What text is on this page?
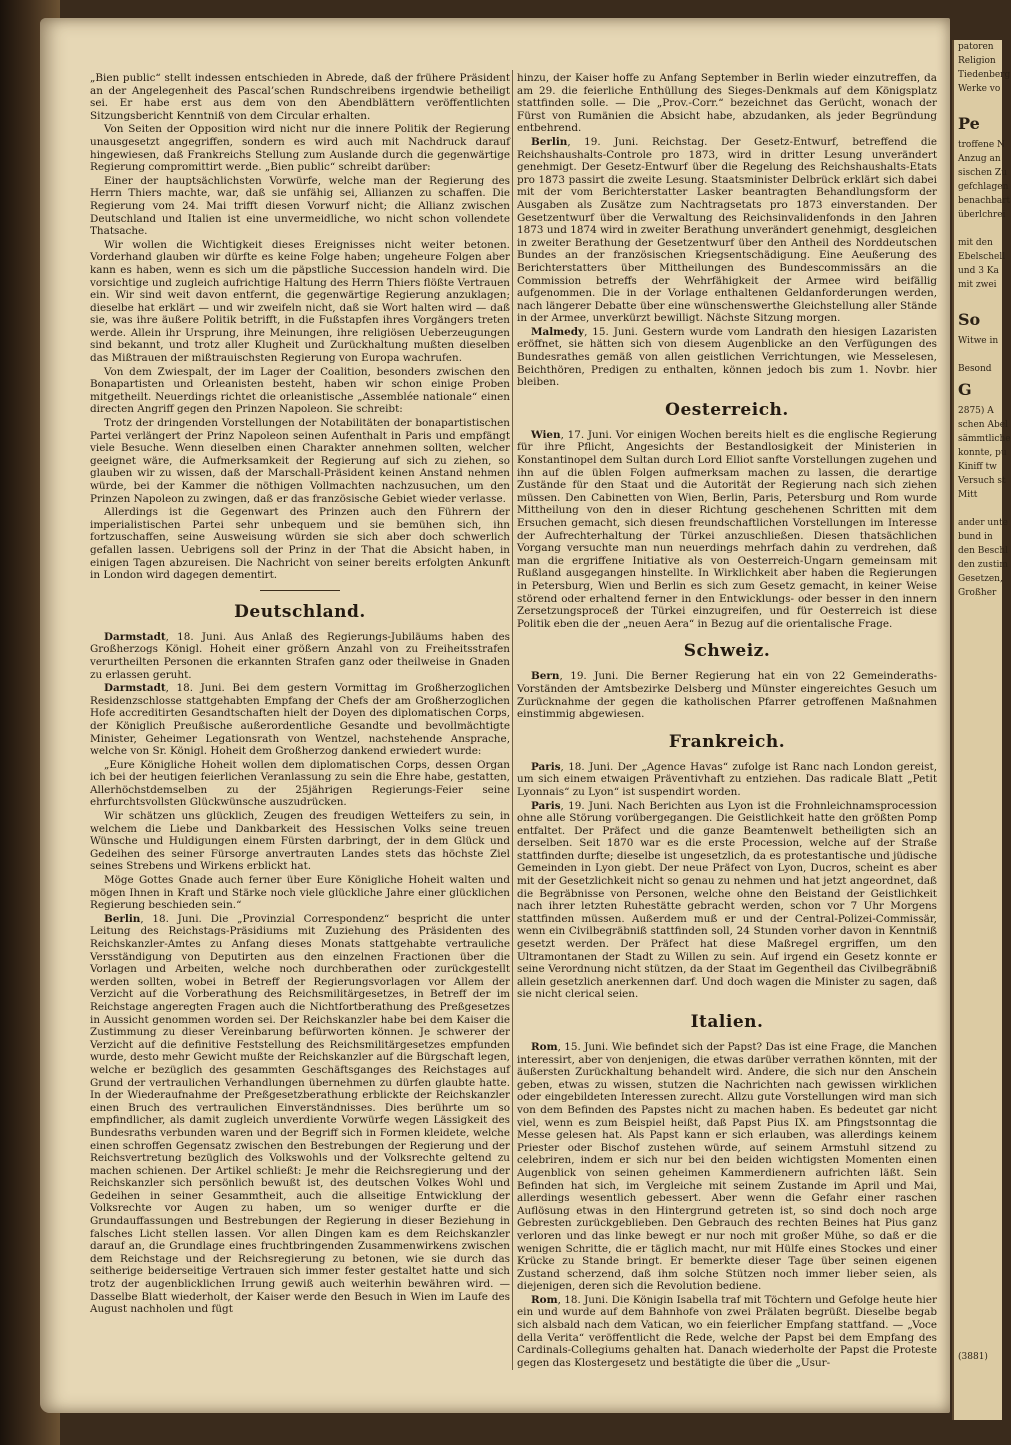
„Bien public“ stellt indessen entschieden in Abrede, daß der frühere Präsident an der Angelegenheit des Pascal’schen Rundschreibens irgendwie betheiligt sei. Er habe erst aus dem von den Abendblättern veröffentlichten Sitzungsbericht Kenntniß von dem Circular erhalten.

Von Seiten der Opposition wird nicht nur die innere Politik der Regierung unausgesetzt angegriffen, sondern es wird auch mit Nachdruck darauf hingewiesen, daß Frankreichs Stellung zum Auslande durch die gegenwärtige Regierung compromittirt werde. „Bien public“ schreibt darüber:

Einer der hauptsächlichsten Vorwürfe, welche man der Regierung des Herrn Thiers machte, war, daß sie unfähig sei, Allianzen zu schaffen. Die Regierung vom 24. Mai trifft diesen Vorwurf nicht; die Allianz zwischen Deutschland und Italien ist eine unvermeidliche, wo nicht schon vollendete Thatsache.

Wir wollen die Wichtigkeit dieses Ereignisses nicht weiter betonen. Vorderhand glauben wir dürfte es keine Folge haben; ungeheure Folgen aber kann es haben, wenn es sich um die päpstliche Succession handeln wird. Die vorsichtige und zugleich aufrichtige Haltung des Herrn Thiers flößte Vertrauen ein. Wir sind weit davon entfernt, die gegenwärtige Regierung anzuklagen; dieselbe hat erklärt — und wir zweifeln nicht, daß sie Wort halten wird — daß sie, was ihre äußere Politik betrifft, in die Fußstapfen ihres Vorgängers treten werde. Allein ihr Ursprung, ihre Meinungen, ihre religiösen Ueberzeugungen sind bekannt, und trotz aller Klugheit und Zurückhaltung mußten dieselben das Mißtrauen der mißtrauischsten Regierung von Europa wachrufen.

Von dem Zwiespalt, der im Lager der Coalition, besonders zwischen den Bonapartisten und Orleanisten besteht, haben wir schon einige Proben mitgetheilt. Neuerdings richtet die orleanistische „Assemblée nationale“ einen directen Angriff gegen den Prinzen Napoleon. Sie schreibt:

Trotz der dringenden Vorstellungen der Notabilitäten der bonapartistischen Partei verlängert der Prinz Napoleon seinen Aufenthalt in Paris und empfängt viele Besuche. Wenn dieselben einen Charakter annehmen sollten, welcher geeignet wäre, die Aufmerksamkeit der Regierung auf sich zu ziehen, so glauben wir zu wissen, daß der Marschall-Präsident keinen Anstand nehmen würde, bei der Kammer die nöthigen Vollmachten nachzusuchen, um den Prinzen Napoleon zu zwingen, daß er das französische Gebiet wieder verlasse.

Allerdings ist die Gegenwart des Prinzen auch den Führern der imperialistischen Partei sehr unbequem und sie bemühen sich, ihn fortzuschaffen, seine Ausweisung würden sie sich aber doch schwerlich gefallen lassen. Uebrigens soll der Prinz in der That die Absicht haben, in einigen Tagen abzureisen. Die Nachricht von seiner bereits erfolgten Ankunft in London wird dagegen dementirt.

Deutschland.

Darmstadt, 18. Juni. Aus Anlaß des Regierungs-Jubiläums haben des Großherzogs Königl. Hoheit einer größern Anzahl von zu Freiheitsstrafen verurtheilten Personen die erkannten Strafen ganz oder theilweise in Gnaden zu erlassen geruht.

Darmstadt, 18. Juni. Bei dem gestern Vormittag im Großherzoglichen Residenzschlosse stattgehabten Empfang der Chefs der am Großherzoglichen Hofe accreditirten Gesandtschaften hielt der Doyen des diplomatischen Corps, der Königlich Preußische außerordentliche Gesandte und bevollmächtigte Minister, Geheimer Legationsrath von Wentzel, nachstehende Ansprache, welche von Sr. Königl. Hoheit dem Großherzog dankend erwiedert wurde:

„Eure Königliche Hoheit wollen dem diplomatischen Corps, dessen Organ ich bei der heutigen feierlichen Veranlassung zu sein die Ehre habe, gestatten, Allerhöchstdemselben zu der 25jährigen Regierungs-Feier seine ehrfurchtsvollsten Glückwünsche auszudrücken.

Wir schätzen uns glücklich, Zeugen des freudigen Wetteifers zu sein, in welchem die Liebe und Dankbarkeit des Hessischen Volks seine treuen Wünsche und Huldigungen einem Fürsten darbringt, der in dem Glück und Gedeihen des seiner Fürsorge anvertrauten Landes stets das höchste Ziel seines Strebens und Wirkens erblickt hat.

Möge Gottes Gnade auch ferner über Eure Königliche Hoheit walten und mögen Ihnen in Kraft und Stärke noch viele glückliche Jahre einer glücklichen Regierung beschieden sein.“

Berlin, 18. Juni. Die „Provinzial Correspondenz“ bespricht die unter Leitung des Reichstags-Präsidiums mit Zuziehung des Präsidenten des Reichskanzler-Amtes zu Anfang dieses Monats stattgehabte vertrauliche Versständigung von Deputirten aus den einzelnen Fractionen über die Vorlagen und Arbeiten, welche noch durchberathen oder zurückgestellt werden sollten, wobei in Betreff der Regierungsvorlagen vor Allem der Verzicht auf die Vorberathung des Reichsmilitärgesetzes, in Betreff der im Reichstage angeregten Fragen auch die Nichtfortberathung des Preßgesetzes in Aussicht genommen worden sei. Der Reichskanzler habe bei dem Kaiser die Zustimmung zu dieser Vereinbarung befürworten können. Je schwerer der Verzicht auf die definitive Feststellung des Reichsmilitärgesetzes empfunden wurde, desto mehr Gewicht mußte der Reichskanzler auf die Bürgschaft legen, welche er bezüglich des gesammten Geschäftsganges des Reichstages auf Grund der vertraulichen Verhandlungen übernehmen zu dürfen glaubte hatte. In der Wiederaufnahme der Preßgesetzberathung erblickte der Reichskanzler einen Bruch des vertraulichen Einverständnisses. Dies berührte um so empfindlicher, als damit zugleich unverdiente Vorwürfe wegen Lässigkeit des Bundesraths verbunden waren und der Begriff sich in Formen kleidete, welche einen schroffen Gegensatz zwischen den Bestrebungen der Regierung und der Reichsvertretung bezüglich des Volkswohls und der Volksrechte geltend zu machen schienen. Der Artikel schließt: Je mehr die Reichsregierung und der Reichskanzler sich persönlich bewußt ist, des deutschen Volkes Wohl und Gedeihen in seiner Gesammtheit, auch die allseitige Entwicklung der Volksrechte vor Augen zu haben, um so weniger durfte er die Grundauffassungen und Bestrebungen der Regierung in dieser Beziehung in falsches Licht stellen lassen. Vor allen Dingen kam es dem Reichskanzler darauf an, die Grundlage eines fruchtbringenden Zusammenwirkens zwischen dem Reichstage und der Reichsregierung zu betonen, wie sie durch das seitherige beiderseitige Vertrauen sich immer fester gestaltet hatte und sich trotz der augenblicklichen Irrung gewiß auch weiterhin bewähren wird. — Dasselbe Blatt wiederholt, der Kaiser werde den Besuch in Wien im Laufe des August nachholen und fügt

hinzu, der Kaiser hoffe zu Anfang September in Berlin wieder einzutreffen, da am 29. die feierliche Enthüllung des Sieges-Denkmals auf dem Königsplatz stattfinden solle. — Die „Prov.-Corr.“ bezeichnet das Gerücht, wonach der Fürst von Rumänien die Absicht habe, abzudanken, als jeder Begründung entbehrend.

Berlin, 19. Juni. Reichstag. Der Gesetz-Entwurf, betreffend die Reichshaushalts-Controle pro 1873, wird in dritter Lesung unverändert genehmigt. Der Gesetz-Entwurf über die Regelung des Reichshaushalts-Etats pro 1873 passirt die zweite Lesung. Staatsminister Delbrück erklärt sich dabei mit der vom Berichterstatter Lasker beantragten Behandlungsform der Ausgaben als Zusätze zum Nachtragsetats pro 1873 einverstanden. Der Gesetzentwurf über die Verwaltung des Reichsinvalidenfonds in den Jahren 1873 und 1874 wird in zweiter Berathung unverändert genehmigt, desgleichen in zweiter Berathung der Gesetzentwurf über den Antheil des Norddeutschen Bundes an der französischen Kriegsentschädigung. Eine Aeußerung des Berichterstatters über Mittheilungen des Bundescommissärs an die Commission betreffs der Wehrfähigkeit der Armee wird beifällig aufgenommen. Die in der Vorlage enthaltenen Geldanforderungen werden, nach längerer Debatte über eine wünschenswerthe Gleichstellung aller Stände in der Armee, unverkürzt bewilligt. Nächste Sitzung morgen.

Malmedy, 15. Juni. Gestern wurde vom Landrath den hiesigen Lazaristen eröffnet, sie hätten sich von diesem Augenblicke an den Verfügungen des Bundesrathes gemäß von allen geistlichen Verrichtungen, wie Messelesen, Beichthören, Predigen zu enthalten, können jedoch bis zum 1. Novbr. hier bleiben.

Oesterreich.

Wien, 17. Juni. Vor einigen Wochen bereits hielt es die englische Regierung für ihre Pflicht, Angesichts der Bestandlosigkeit der Ministerien in Konstantinopel dem Sultan durch Lord Elliot sanfte Vorstellungen zugehen und ihn auf die üblen Folgen aufmerksam machen zu lassen, die derartige Zustände für den Staat und die Autorität der Regierung nach sich ziehen müssen. Den Cabinetten von Wien, Berlin, Paris, Petersburg und Rom wurde Mittheilung von den in dieser Richtung geschehenen Schritten mit dem Ersuchen gemacht, sich diesen freundschaftlichen Vorstellungen im Interesse der Aufrechterhaltung der Türkei anzuschließen. Diesen thatsächlichen Vorgang versuchte man nun neuerdings mehrfach dahin zu verdrehen, daß man die ergriffene Initiative als von Oesterreich-Ungarn gemeinsam mit Rußland ausgegangen hinstellte. In Wirklichkeit aber haben die Regierungen in Petersburg, Wien und Berlin es sich zum Gesetz gemacht, in keiner Weise störend oder erhaltend ferner in den Entwicklungs- oder besser in den innern Zersetzungsproceß der Türkei einzugreifen, und für Oesterreich ist diese Politik eben die der „neuen Aera“ in Bezug auf die orientalische Frage.

Schweiz.

Bern, 19. Juni. Die Berner Regierung hat ein von 22 Gemeinderaths-Vorständen der Amtsbezirke Delsberg und Münster eingereichtes Gesuch um Zurücknahme der gegen die katholischen Pfarrer getroffenen Maßnahmen einstimmig abgewiesen.

Frankreich.

Paris, 18. Juni. Der „Agence Havas“ zufolge ist Ranc nach London gereist, um sich einem etwaigen Präventivhaft zu entziehen. Das radicale Blatt „Petit Lyonnais“ zu Lyon“ ist suspendirt worden.

Paris, 19. Juni. Nach Berichten aus Lyon ist die Frohnleichnamsprocession ohne alle Störung vorübergegangen. Die Geistlichkeit hatte den größten Pomp entfaltet. Der Präfect und die ganze Beamtenwelt betheiligten sich an derselben. Seit 1870 war es die erste Procession, welche auf der Straße stattfinden durfte; dieselbe ist ungesetzlich, da es protestantische und jüdische Gemeinden in Lyon giebt. Der neue Präfect von Lyon, Ducros, scheint es aber mit der Gesetzlichkeit nicht so genau zu nehmen und hat jetzt angeordnet, daß die Begräbnisse von Personen, welche ohne den Beistand der Geistlichkeit nach ihrer letzten Ruhestätte gebracht werden, schon vor 7 Uhr Morgens stattfinden müssen. Außerdem muß er und der Central-Polizei-Commissär, wenn ein Civilbegräbniß stattfinden soll, 24 Stunden vorher davon in Kenntniß gesetzt werden. Der Präfect hat diese Maßregel ergriffen, um den Ultramontanen der Stadt zu Willen zu sein. Auf irgend ein Gesetz konnte er seine Verordnung nicht stützen, da der Staat im Gegentheil das Civilbegräbniß allein gesetzlich anerkennen darf. Und doch wagen die Minister zu sagen, daß sie nicht clerical seien.

Italien.

Rom, 15. Juni. Wie befindet sich der Papst? Das ist eine Frage, die Manchen interessirt, aber von denjenigen, die etwas darüber verrathen könnten, mit der äußersten Zurückhaltung behandelt wird. Andere, die sich nur den Anschein geben, etwas zu wissen, stutzen die Nachrichten nach gewissen wirklichen oder eingebildeten Interessen zurecht. Allzu gute Vorstellungen wird man sich von dem Befinden des Papstes nicht zu machen haben. Es bedeutet gar nicht viel, wenn es zum Beispiel heißt, daß Papst Pius IX. am Pfingstsonntag die Messe gelesen hat. Als Papst kann er sich erlauben, was allerdings keinem Priester oder Bischof zustehen würde, auf seinem Armstuhl sitzend zu celebriren, indem er sich nur bei den beiden wichtigsten Momenten einen Augenblick von seinen geheimen Kammerdienern aufrichten läßt. Sein Befinden hat sich, im Vergleiche mit seinem Zustande im April und Mai, allerdings wesentlich gebessert. Aber wenn die Gefahr einer raschen Auflösung etwas in den Hintergrund getreten ist, so sind doch noch arge Gebresten zurückgeblieben. Den Gebrauch des rechten Beines hat Pius ganz verloren und das linke bewegt er nur noch mit großer Mühe, so daß er die wenigen Schritte, die er täglich macht, nur mit Hülfe eines Stockes und einer Krücke zu Stande bringt. Er bemerkte dieser Tage über seinen eigenen Zustand scherzend, daß ihm solche Stützen noch immer lieber seien, als diejenigen, deren sich die Revolution bediene.

Rom, 18. Juni. Die Königin Isabella traf mit Töchtern und Gefolge heute hier ein und wurde auf dem Bahnhofe von zwei Prälaten begrüßt. Dieselbe begab sich alsbald nach dem Vatican, wo ein feierlicher Empfang stattfand. — „Voce della Verita“ veröffentlicht die Rede, welche der Papst bei dem Empfang des Cardinals-Collegiums gehalten hat. Danach wiederholte der Papst die Proteste gegen das Klostergesetz und bestätigte die über die „Usur-

patoren
Religion
Tiedenberg
Werke vo

Pe
troffene N
Anzug an
sischen Zu
gefchlagen
benachbart
überlchrei

mit den
Ebelschell
und 3 Ka
mit zwei

So
Witwe in

Besond
G
2875) A
schen Abel
sämmtliche
konnte, pu
Kiniff tw
Versuch st
Mitt

ander unte
bund in
den Beschl
den zustim
Gesetzen,
Großher
(3881)
